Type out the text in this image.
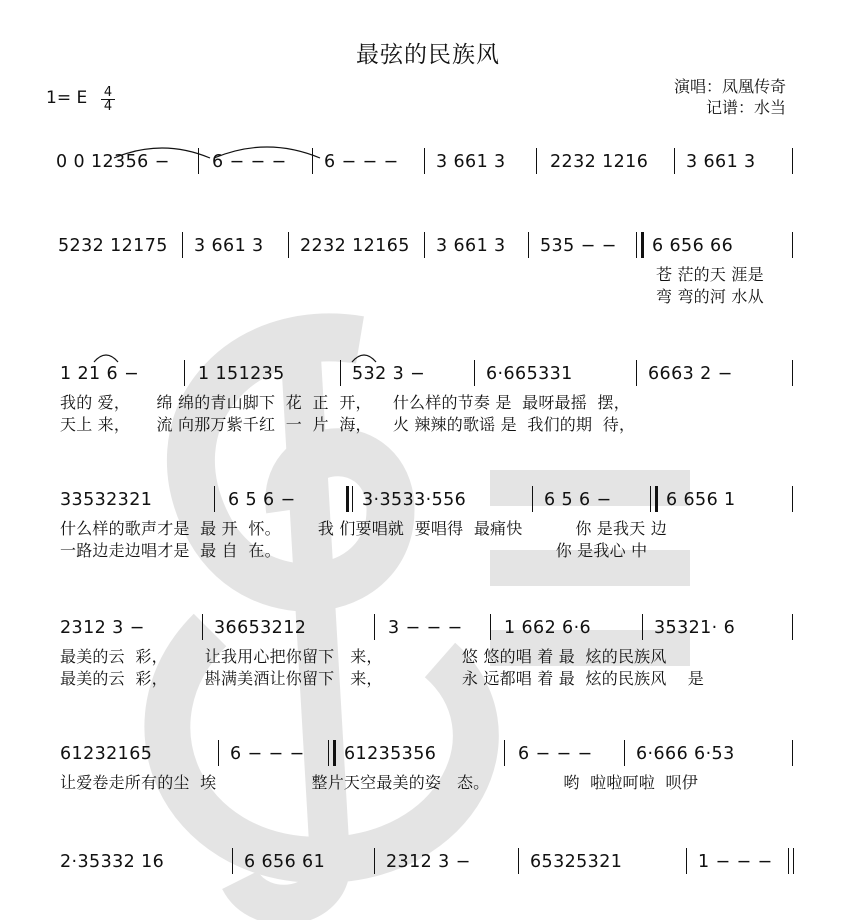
最弦的民族风
1= E 4
4
演唱：凤凰传奇
记谱：水当
0 0 12356 − 6 − − − 6 − − − 3 661 3	2232 1216 3 661 3
5232 12175 3 661 3 2232 12165 3 661 3 535 − − 6 656 66
苍 茫的天 涯是
弯 弯的河 水从
1 21 6 −	1 151235	532 3 −	6·665331	6663 2 −
我的 爱，     绵 绵的青山脚下  花  正  开，    什么样的节奏 是  最呀最摇  摆，
天上 来，     流 向那万紫千红  一  片  海，    火 辣辣的歌谣 是  我们的期  待，
33532321	6 5 6 −	3·3533·556	6 5 6 −	6 656 1
什么样的歌声才是  最 开  怀。       我 们要唱就  要唱得  最痛快          你 是我天 边
一路边走边唱才是  最 自  在。                                                    你 是我心 中
2312 3 −	36653212	3 − − − 1 662 6·6	35321· 6
最美的云  彩，       让我用心把你留下   来，               悠 悠的唱 着 最  炫的民族风
最美的云  彩，       斟满美酒让你留下   来，               永 远都唱 着 最  炫的民族风    是
61232165	6 − − − 61235356	6 − − − 6·666 6·53
让爱卷走所有的尘  埃                  整片天空最美的姿   态。              哟  啦啦呵啦  呗伊
2·35332 16	6 656 61	2312 3 −	65325321	1 − − −
